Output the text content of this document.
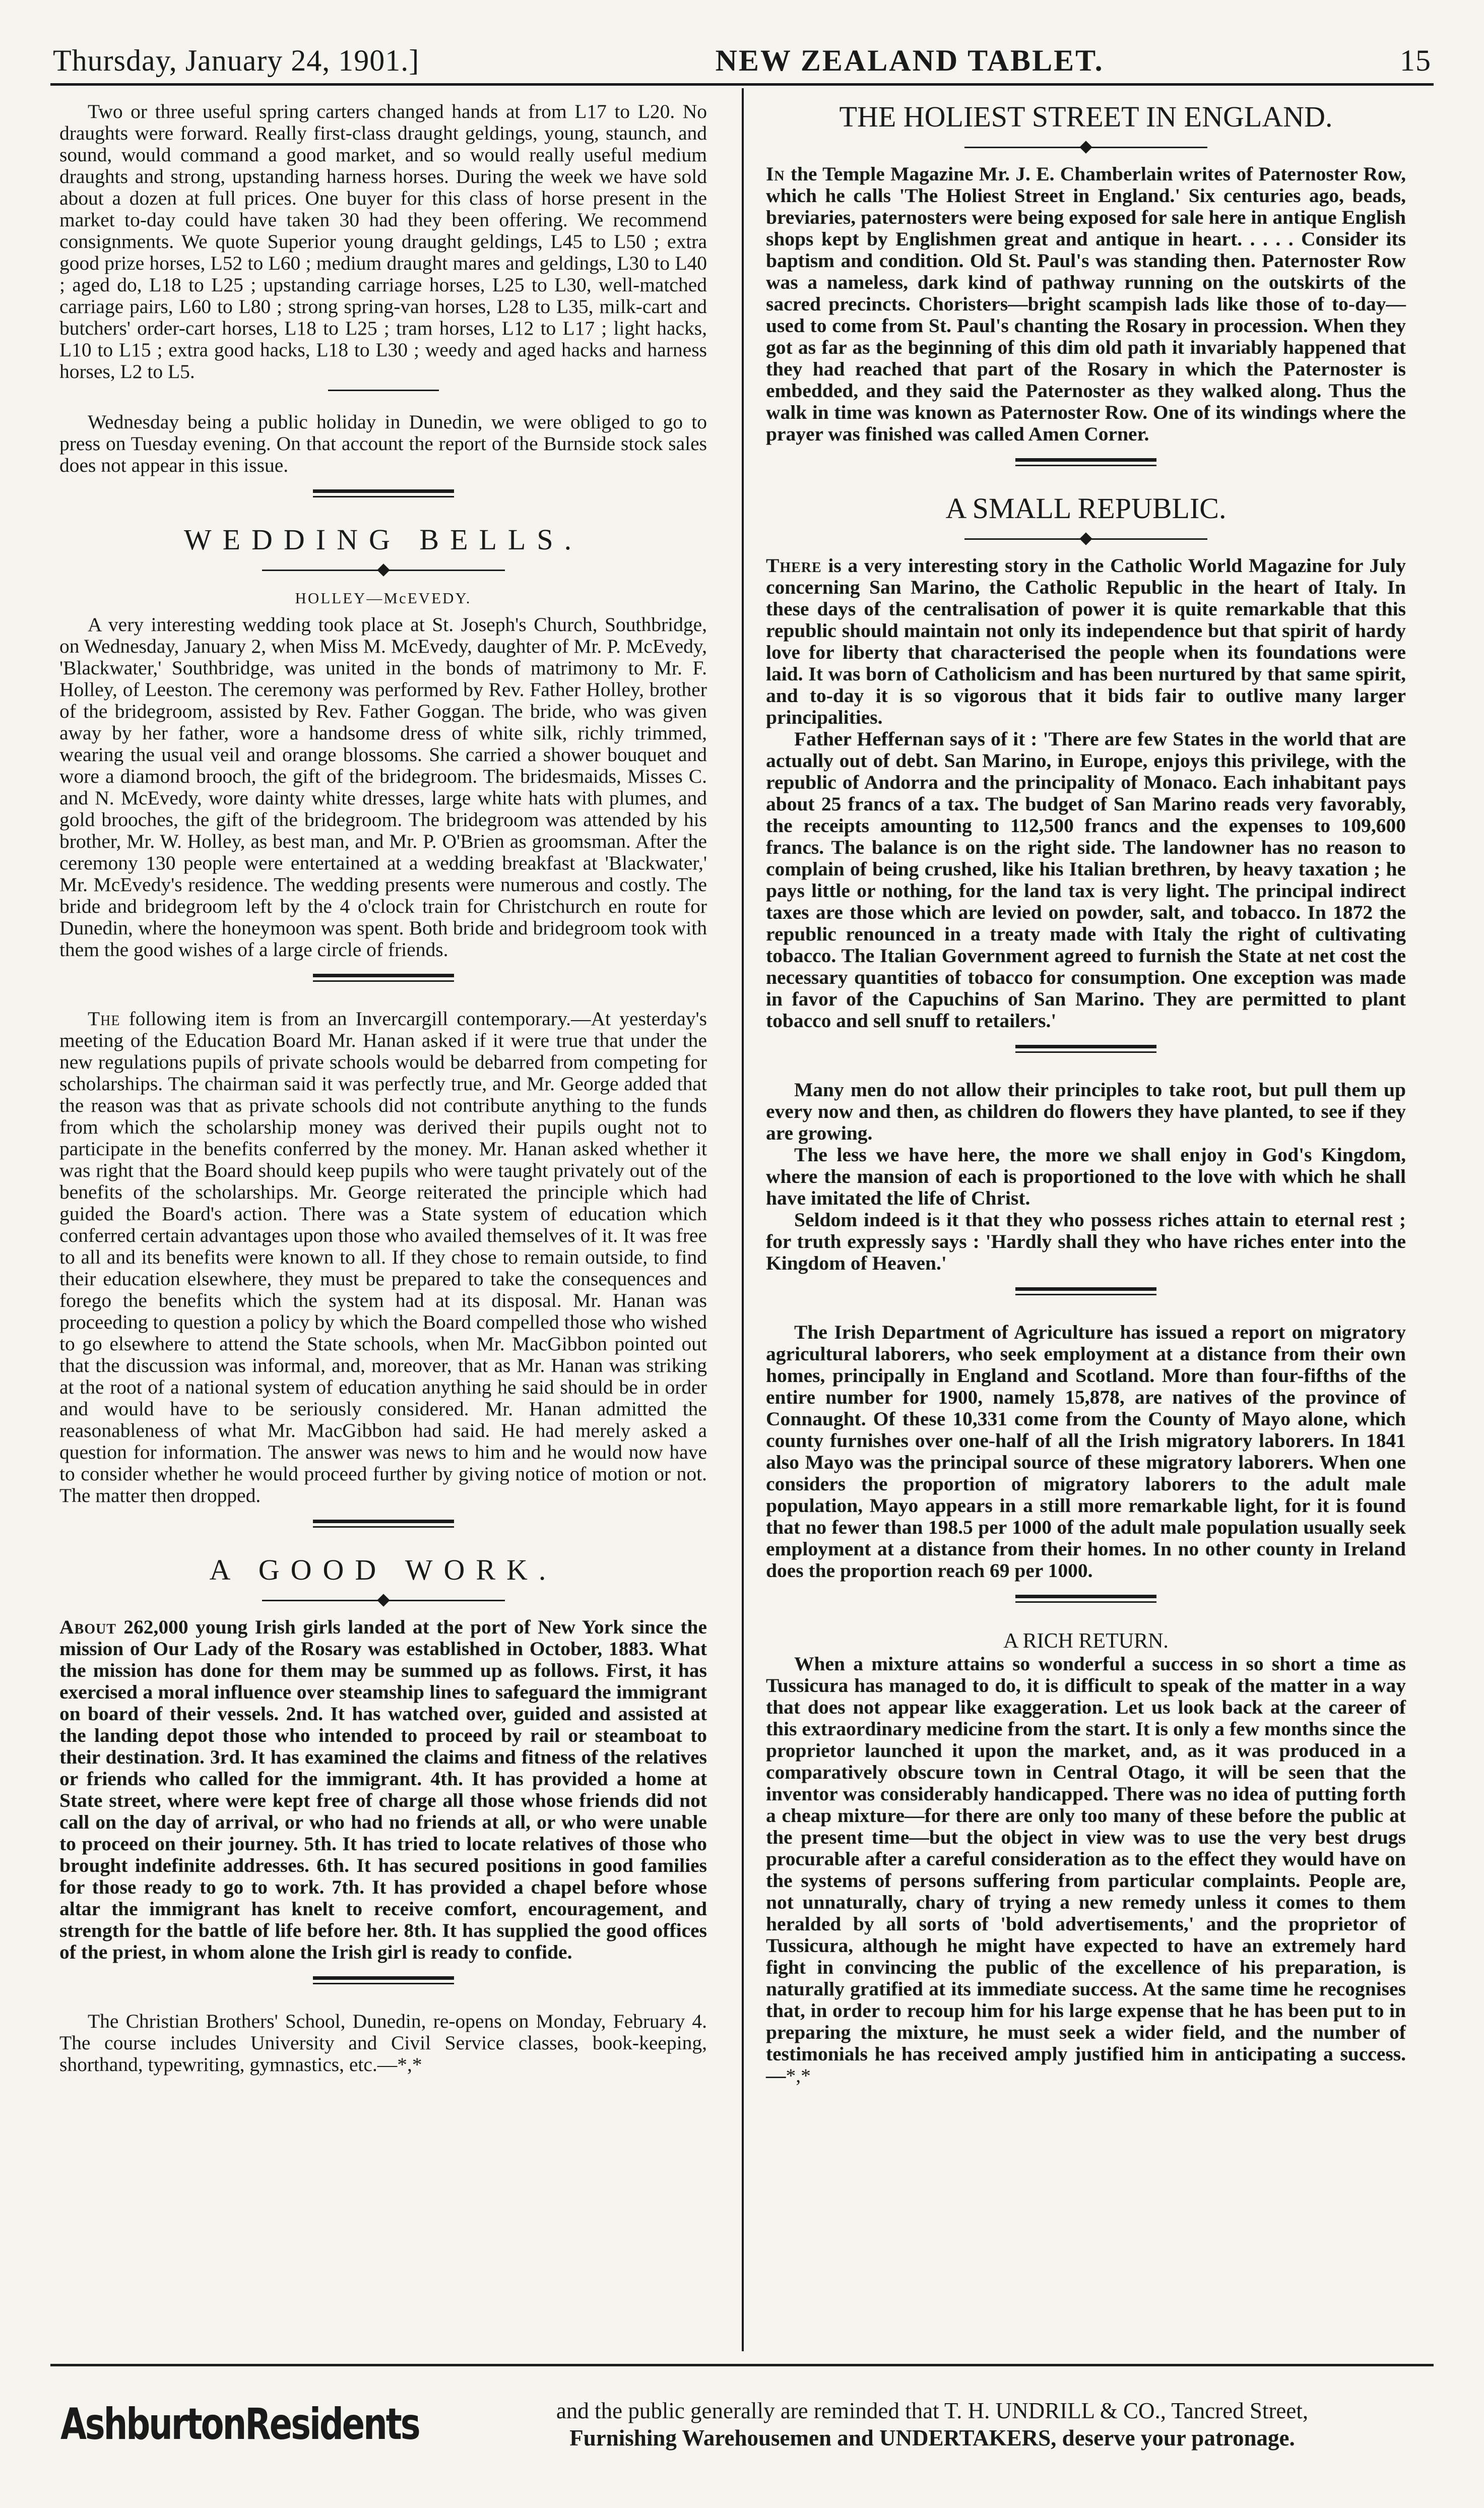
Thursday, January 24, 1901.]	NEW ZEALAND TABLET.	15

Two or three useful spring carters changed hands at from L17 to L20. No draughts were forward. Really first-class draught geldings, young, staunch, and sound, would command a good market, and so would really useful medium draughts and strong, upstanding harness horses. During the week we have sold about a dozen at full prices. One buyer for this class of horse present in the market to-day could have taken 30 had they been offering. We recommend consignments. We quote Superior young draught geldings, L45 to L50 ; extra good prize horses, L52 to L60 ; medium draught mares and geldings, L30 to L40 ; aged do, L18 to L25 ; upstanding carriage horses, L25 to L30, well-matched carriage pairs, L60 to L80 ; strong spring-van horses, L28 to L35, milk-cart and butchers' order-cart horses, L18 to L25 ; tram horses, L12 to L17 ; light hacks, L10 to L15 ; extra good hacks, L18 to L30 ; weedy and aged hacks and harness horses, L2 to L5.

Wednesday being a public holiday in Dunedin, we were obliged to go to press on Tuesday evening. On that account the report of the Burnside stock sales does not appear in this issue.

WEDDING BELLS.
HOLLEY—McEVEDY.

A very interesting wedding took place at St. Joseph's Church, Southbridge, on Wednesday, January 2, when Miss M. McEvedy, daughter of Mr. P. McEvedy, 'Blackwater,' Southbridge, was united in the bonds of matrimony to Mr. F. Holley, of Leeston. The ceremony was performed by Rev. Father Holley, brother of the bridegroom, assisted by Rev. Father Goggan. The bride, who was given away by her father, wore a handsome dress of white silk, richly trimmed, wearing the usual veil and orange blossoms. She carried a shower bouquet and wore a diamond brooch, the gift of the bridegroom. The bridesmaids, Misses C. and N. McEvedy, wore dainty white dresses, large white hats with plumes, and gold brooches, the gift of the bridegroom. The bridegroom was attended by his brother, Mr. W. Holley, as best man, and Mr. P. O'Brien as groomsman. After the ceremony 130 people were entertained at a wedding breakfast at 'Blackwater,' Mr. McEvedy's residence. The wedding presents were numerous and costly. The bride and bridegroom left by the 4 o'clock train for Christchurch en route for Dunedin, where the honeymoon was spent. Both bride and bridegroom took with them the good wishes of a large circle of friends.

The following item is from an Invercargill contemporary.—At yesterday's meeting of the Education Board Mr. Hanan asked if it were true that under the new regulations pupils of private schools would be debarred from competing for scholarships. The chairman said it was perfectly true, and Mr. George added that the reason was that as private schools did not contribute anything to the funds from which the scholarship money was derived their pupils ought not to participate in the benefits conferred by the money. Mr. Hanan asked whether it was right that the Board should keep pupils who were taught privately out of the benefits of the scholarships. Mr. George reiterated the principle which had guided the Board's action. There was a State system of education which conferred certain advantages upon those who availed themselves of it. It was free to all and its benefits were known to all. If they chose to remain outside, to find their education elsewhere, they must be prepared to take the consequences and forego the benefits which the system had at its disposal. Mr. Hanan was proceeding to question a policy by which the Board compelled those who wished to go elsewhere to attend the State schools, when Mr. MacGibbon pointed out that the discussion was informal, and, moreover, that as Mr. Hanan was striking at the root of a national system of education anything he said should be in order and would have to be seriously considered. Mr. Hanan admitted the reasonableness of what Mr. MacGibbon had said. He had merely asked a question for information. The answer was news to him and he would now have to consider whether he would proceed further by giving notice of motion or not. The matter then dropped.

A GOOD WORK.

About 262,000 young Irish girls landed at the port of New York since the mission of Our Lady of the Rosary was established in October, 1883. What the mission has done for them may be summed up as follows. First, it has exercised a moral influence over steamship lines to safeguard the immigrant on board of their vessels. 2nd. It has watched over, guided and assisted at the landing depot those who intended to proceed by rail or steamboat to their destination. 3rd. It has examined the claims and fitness of the relatives or friends who called for the immigrant. 4th. It has provided a home at State street, where were kept free of charge all those whose friends did not call on the day of arrival, or who had no friends at all, or who were unable to proceed on their journey. 5th. It has tried to locate relatives of those who brought indefinite addresses. 6th. It has secured positions in good families for those ready to go to work. 7th. It has provided a chapel before whose altar the immigrant has knelt to receive comfort, encouragement, and strength for the battle of life before her. 8th. It has supplied the good offices of the priest, in whom alone the Irish girl is ready to confide.

The Christian Brothers' School, Dunedin, re-opens on Monday, February 4. The course includes University and Civil Service classes, book-keeping, shorthand, typewriting, gymnastics, etc.—*,*

THE HOLIEST STREET IN ENGLAND.

In the Temple Magazine Mr. J. E. Chamberlain writes of Paternoster Row, which he calls 'The Holiest Street in England.' Six centuries ago, beads, breviaries, paternosters were being exposed for sale here in antique English shops kept by Englishmen great and antique in heart. . . . . Consider its baptism and condition. Old St. Paul's was standing then. Paternoster Row was a nameless, dark kind of pathway running on the outskirts of the sacred precincts. Choristers—bright scampish lads like those of to-day—used to come from St. Paul's chanting the Rosary in procession. When they got as far as the beginning of this dim old path it invariably happened that they had reached that part of the Rosary in which the Paternoster is embedded, and they said the Paternoster as they walked along. Thus the walk in time was known as Paternoster Row. One of its windings where the prayer was finished was called Amen Corner.

A SMALL REPUBLIC.

There is a very interesting story in the Catholic World Magazine for July concerning San Marino, the Catholic Republic in the heart of Italy. In these days of the centralisation of power it is quite remarkable that this republic should maintain not only its independence but that spirit of hardy love for liberty that characterised the people when its foundations were laid. It was born of Catholicism and has been nurtured by that same spirit, and to-day it is so vigorous that it bids fair to outlive many larger principalities.

Father Heffernan says of it : 'There are few States in the world that are actually out of debt. San Marino, in Europe, enjoys this privilege, with the republic of Andorra and the principality of Monaco. Each inhabitant pays about 25 francs of a tax. The budget of San Marino reads very favorably, the receipts amounting to 112,500 francs and the expenses to 109,600 francs. The balance is on the right side. The landowner has no reason to complain of being crushed, like his Italian brethren, by heavy taxation ; he pays little or nothing, for the land tax is very light. The principal indirect taxes are those which are levied on powder, salt, and tobacco. In 1872 the republic renounced in a treaty made with Italy the right of cultivating tobacco. The Italian Government agreed to furnish the State at net cost the necessary quantities of tobacco for consumption. One exception was made in favor of the Capuchins of San Marino. They are permitted to plant tobacco and sell snuff to retailers.'

Many men do not allow their principles to take root, but pull them up every now and then, as children do flowers they have planted, to see if they are growing.

The less we have here, the more we shall enjoy in God's Kingdom, where the mansion of each is proportioned to the love with which he shall have imitated the life of Christ.

Seldom indeed is it that they who possess riches attain to eternal rest ; for truth expressly says : 'Hardly shall they who have riches enter into the Kingdom of Heaven.'

The Irish Department of Agriculture has issued a report on migratory agricultural laborers, who seek employment at a distance from their own homes, principally in England and Scotland. More than four-fifths of the entire number for 1900, namely 15,878, are natives of the province of Connaught. Of these 10,331 come from the County of Mayo alone, which county furnishes over one-half of all the Irish migratory laborers. In 1841 also Mayo was the principal source of these migratory laborers. When one considers the proportion of migratory laborers to the adult male population, Mayo appears in a still more remarkable light, for it is found that no fewer than 198.5 per 1000 of the adult male population usually seek employment at a distance from their homes. In no other county in Ireland does the proportion reach 69 per 1000.

A RICH RETURN.

When a mixture attains so wonderful a success in so short a time as Tussicura has managed to do, it is difficult to speak of the matter in a way that does not appear like exaggeration. Let us look back at the career of this extraordinary medicine from the start. It is only a few months since the proprietor launched it upon the market, and, as it was produced in a comparatively obscure town in Central Otago, it will be seen that the inventor was considerably handicapped. There was no idea of putting forth a cheap mixture—for there are only too many of these before the public at the present time—but the object in view was to use the very best drugs procurable after a careful consideration as to the effect they would have on the systems of persons suffering from particular complaints. People are, not unnaturally, chary of trying a new remedy unless it comes to them heralded by all sorts of 'bold advertisements,' and the proprietor of Tussicura, although he might have expected to have an extremely hard fight in convincing the public of the excellence of his preparation, is naturally gratified at its immediate success. At the same time he recognises that, in order to recoup him for his large expense that he has been put to in preparing the mixture, he must seek a wider field, and the number of testimonials he has received amply justified him in anticipating a success.—*,*

AshburtonResidents	and the public generally are reminded that T. H. UNDRILL & CO., Tancred Street,
Furnishing Warehousemen and UNDERTAKERS, deserve your patronage.
